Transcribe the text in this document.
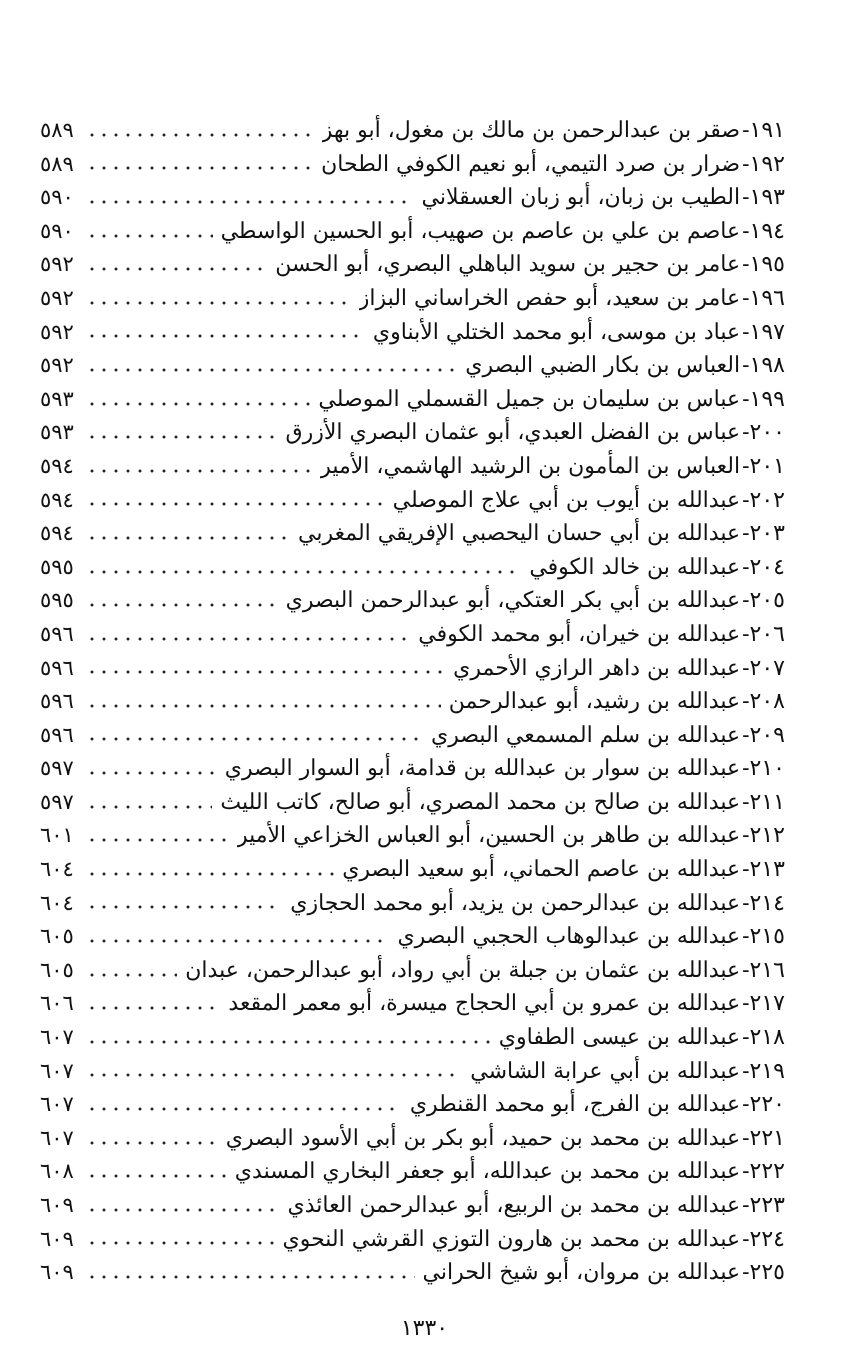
١٩١-
صقر بن عبدالرحمن بن مالك بن مغول، أبو بهز
٥٨٩
١٩٢-
ضرار بن صرد التيمي، أبو نعيم الكوفي الطحان
٥٨٩
١٩٣-
الطيب بن زبان، أبو زبان العسقلاني
٥٩٠
١٩٤-
عاصم بن علي بن عاصم بن صهيب، أبو الحسين الواسطي
٥٩٠
١٩٥-
عامر بن حجير بن سويد الباهلي البصري، أبو الحسن
٥٩٢
١٩٦-
عامر بن سعيد، أبو حفص الخراساني البزاز
٥٩٢
١٩٧-
عباد بن موسى، أبو محمد الختلي الأبناوي
٥٩٢
١٩٨-
العباس بن بكار الضبي البصري
٥٩٢
١٩٩-
عباس بن سليمان بن جميل القسملي الموصلي
٥٩٣
٢٠٠-
عباس بن الفضل العبدي، أبو عثمان البصري الأزرق
٥٩٣
٢٠١-
العباس بن المأمون بن الرشيد الهاشمي، الأمير
٥٩٤
٢٠٢-
عبدالله بن أيوب بن أبي علاج الموصلي
٥٩٤
٢٠٣-
عبدالله بن أبي حسان اليحصبي الإفريقي المغربي
٥٩٤
٢٠٤-
عبدالله بن خالد الكوفي
٥٩٥
٢٠٥-
عبدالله بن أبي بكر العتكي، أبو عبدالرحمن البصري
٥٩٥
٢٠٦-
عبدالله بن خيران، أبو محمد الكوفي
٥٩٦
٢٠٧-
عبدالله بن داهر الرازي الأحمري
٥٩٦
٢٠٨-
عبدالله بن رشيد، أبو عبدالرحمن
٥٩٦
٢٠٩-
عبدالله بن سلم المسمعي البصري
٥٩٦
٢١٠-
عبدالله بن سوار بن عبدالله بن قدامة، أبو السوار البصري
٥٩٧
٢١١-
عبدالله بن صالح بن محمد المصري، أبو صالح، كاتب الليث
٥٩٧
٢١٢-
عبدالله بن طاهر بن الحسين، أبو العباس الخزاعي الأمير
٦٠١
٢١٣-
عبدالله بن عاصم الحماني، أبو سعيد البصري
٦٠٤
٢١٤-
عبدالله بن عبدالرحمن بن يزيد، أبو محمد الحجازي
٦٠٤
٢١٥-
عبدالله بن عبدالوهاب الحجبي البصري
٦٠٥
٢١٦-
عبدالله بن عثمان بن جبلة بن أبي رواد، أبو عبدالرحمن، عبدان
٦٠٥
٢١٧-
عبدالله بن عمرو بن أبي الحجاج ميسرة، أبو معمر المقعد
٦٠٦
٢١٨-
عبدالله بن عيسى الطفاوي
٦٠٧
٢١٩-
عبدالله بن أبي عرابة الشاشي
٦٠٧
٢٢٠-
عبدالله بن الفرج، أبو محمد القنطري
٦٠٧
٢٢١-
عبدالله بن محمد بن حميد، أبو بكر بن أبي الأسود البصري
٦٠٧
٢٢٢-
عبدالله بن محمد بن عبدالله، أبو جعفر البخاري المسندي
٦٠٨
٢٢٣-
عبدالله بن محمد بن الربيع، أبو عبدالرحمن العائذي
٦٠٩
٢٢٤-
عبدالله بن محمد بن هارون التوزي القرشي النحوي
٦٠٩
٢٢٥-
عبدالله بن مروان، أبو شيخ الحراني
٦٠٩
١٣٣٠
